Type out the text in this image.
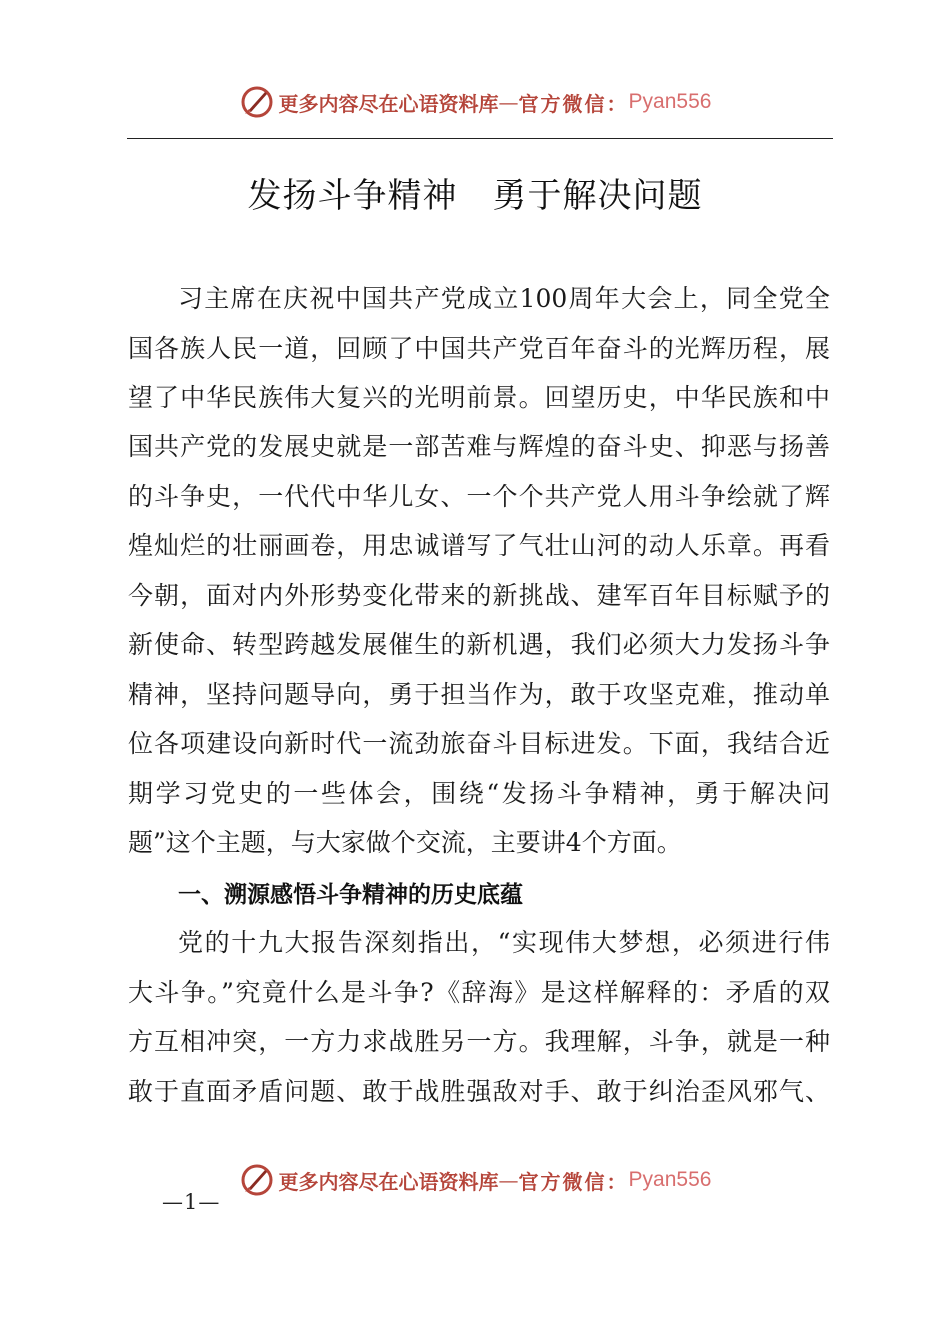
更多内容尽在心语资料库 — 官方微信： Pyan556
发扬斗争精神　勇于解决问题
习主席在庆祝中国共产党成立100周年大会上，同全党全
国各族人民一道，回顾了中国共产党百年奋斗的光辉历程，展
望了中华民族伟大复兴的光明前景。回望历史，中华民族和中
国共产党的发展史就是一部苦难与辉煌的奋斗史、抑恶与扬善
的斗争史，一代代中华儿女、一个个共产党人用斗争绘就了辉
煌灿烂的壮丽画卷，用忠诚谱写了气壮山河的动人乐章。再看
今朝，面对内外形势变化带来的新挑战、建军百年目标赋予的
新使命、转型跨越发展催生的新机遇，我们必须大力发扬斗争
精神，坚持问题导向，勇于担当作为，敢于攻坚克难，推动单
位各项建设向新时代一流劲旅奋斗目标进发。下面，我结合近
期学习党史的一些体会，围绕“发扬斗争精神，勇于解决问
题”这个主题，与大家做个交流，主要讲4个方面。
一、溯源感悟斗争精神的历史底蕴
党的十九大报告深刻指出，“实现伟大梦想，必须进行伟
大斗争。”究竟什么是斗争?《辞海》是这样解释的：矛盾的双
方互相冲突，一方力求战胜另一方。我理解，斗争，就是一种
敢于直面矛盾问题、敢于战胜强敌对手、敢于纠治歪风邪气、
更多内容尽在心语资料库 — 官方微信： Pyan556
—1—
